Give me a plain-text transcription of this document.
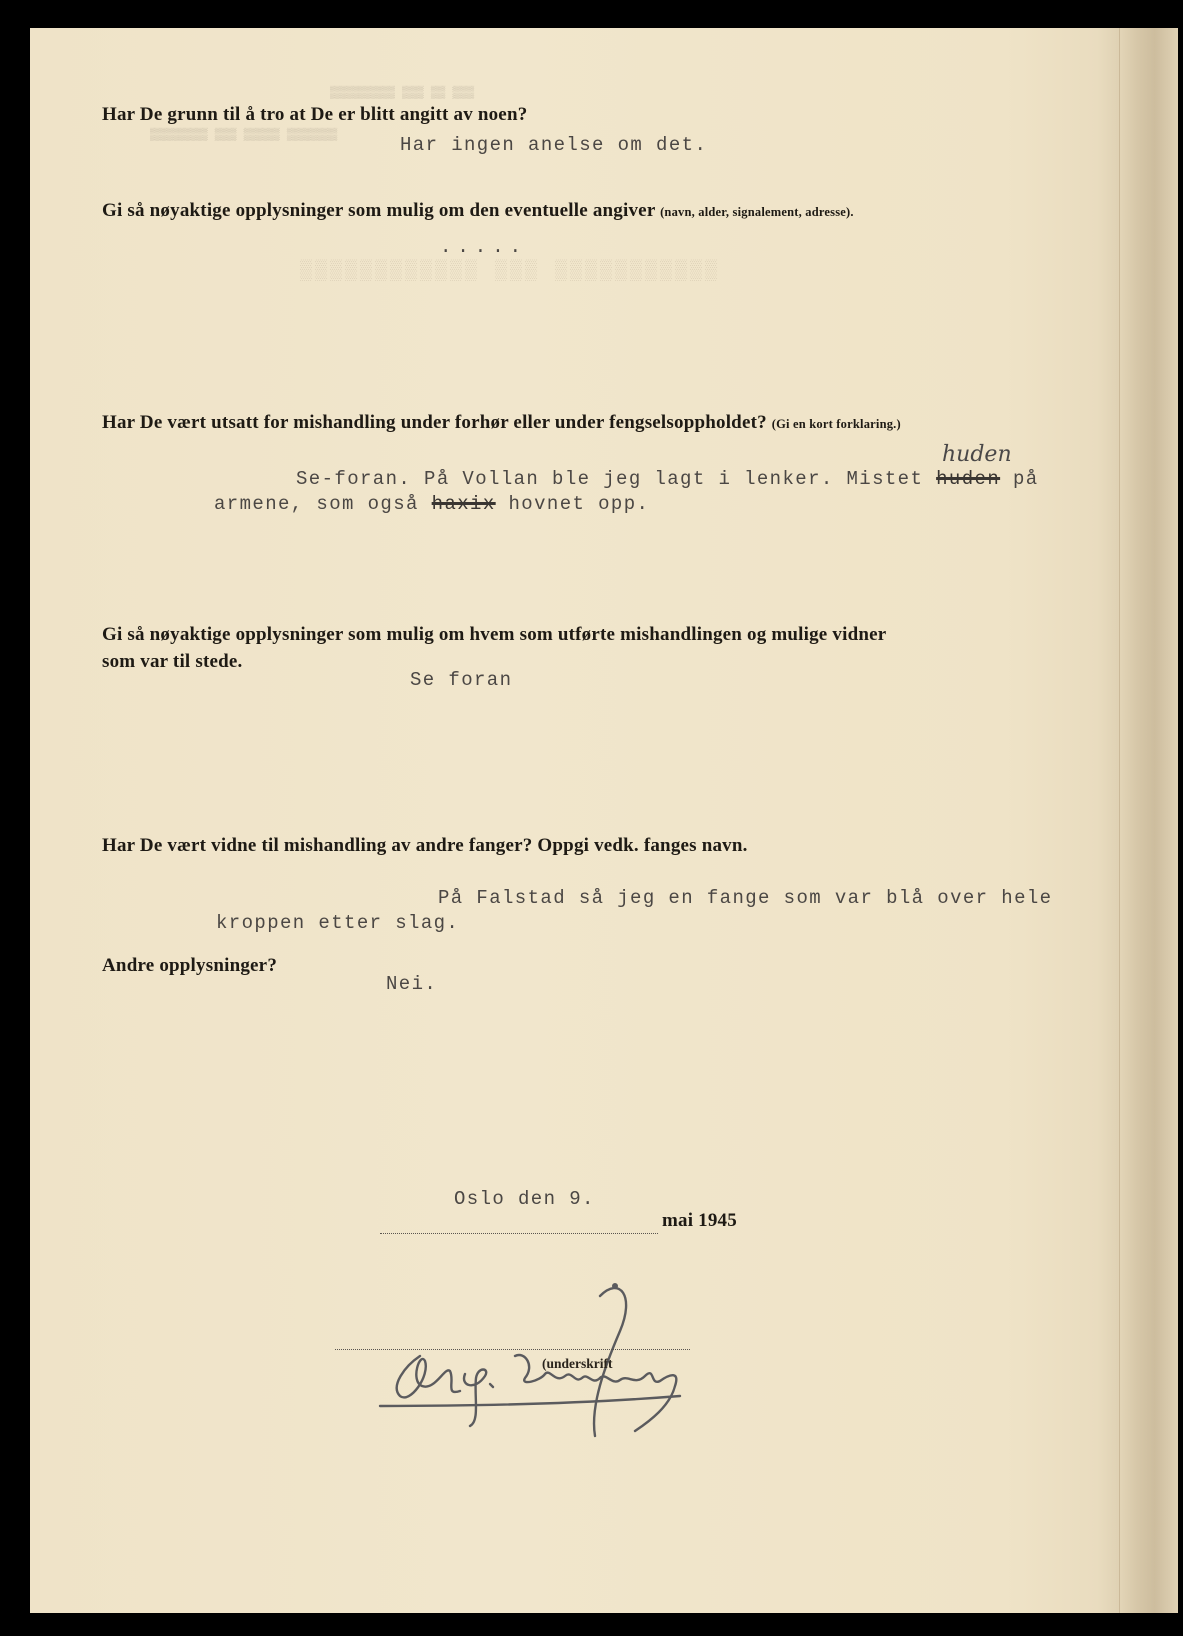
▒▒▒▒▒▒▒▒▒▒▒▒ ▒▒▒ ▒▒▒▒▒▒▒▒▒▒▒
▒▒▒▒▒▒▒▒▒ ▒▒▒ ▒▒ ▒▒▒
▒▒▒▒▒▒▒▒ ▒▒▒ ▒▒▒▒▒ ▒▒▒▒▒▒▒
Har De grunn til å tro at De er blitt angitt av noen?
Har ingen anelse om det.
Gi så nøyaktige opplysninger som mulig om den eventuelle angiver (navn, alder, signalement, adresse).
.....
Har De vært utsatt for mishandling under forhør eller under fengselsoppholdet? (Gi en kort forklaring.)
huden
Se-foran. På Vollan ble jeg lagt i lenker. Mistet huden på
armene, som også haxix hovnet opp.
Gi så nøyaktige opplysninger som mulig om hvem som utførte mishandlingen og mulige vidner
som var til stede.
Se foran
Har De vært vidne til mishandling av andre fanger? Oppgi vedk. fanges navn.
På Falstad så jeg en fange som var blå over hele
kroppen etter slag.
Andre opplysninger?
Nei.
Oslo den 9.
mai 1945
(underskrift
